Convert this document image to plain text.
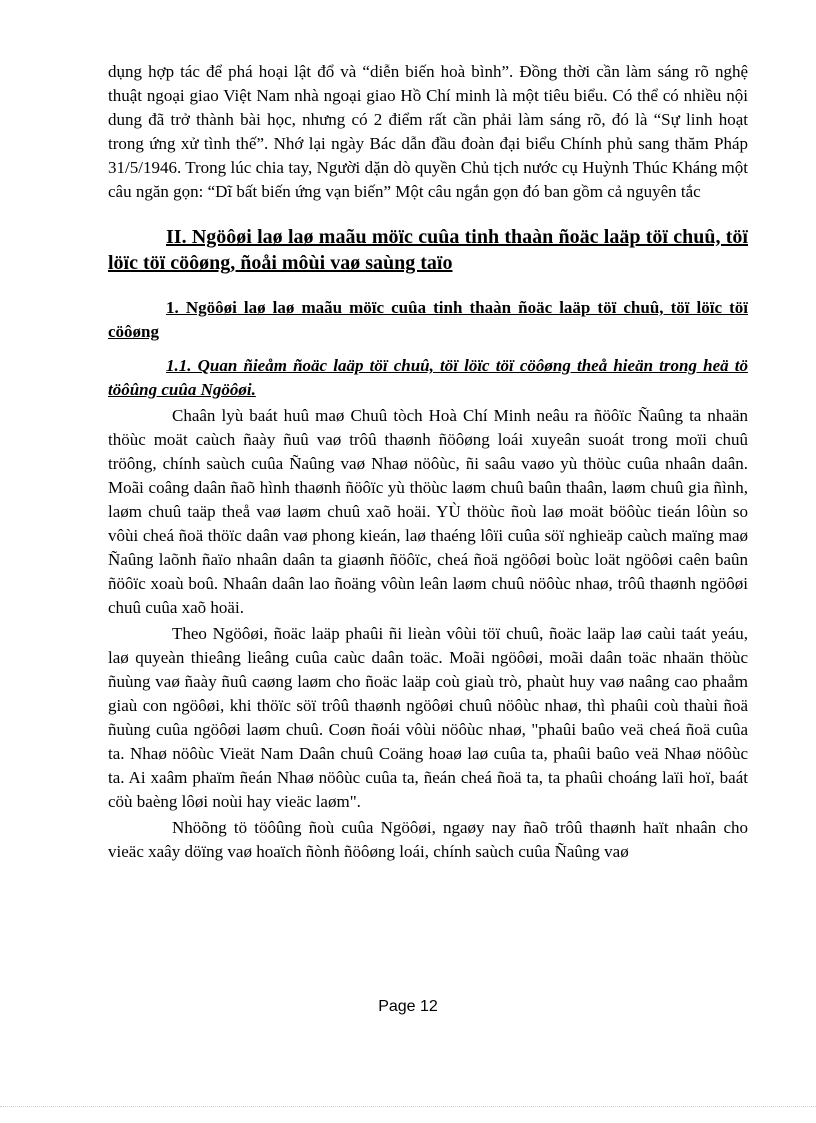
dụng hợp tác để phá hoại lật đổ và “diễn biến hoà bình”. Đồng thời cần làm sáng rõ nghệ thuật ngoại giao Việt Nam nhà ngoại giao Hồ Chí minh là một tiêu biểu. Có thể có nhiều nội dung đã trở thành bài học, nhưng có 2 điểm rất cần phải làm sáng rõ, đó là “Sự linh hoạt trong ứng xử tình thế”. Nhớ lại ngày Bác dẫn đầu đoàn đại biểu Chính phủ sang thăm Pháp 31/5/1946. Trong lúc chia tay, Người dặn dò quyền Chủ tịch nước cụ Huỳnh Thúc Kháng một câu ngăn gọn: “Dĩ bất biến ứng vạn biến” Một câu ngắn gọn đó ban gồm cả nguyên tắc

II. Ngöôøi laø laø maãu möïc cuûa tinh thaàn ñoäc laäp töï chuû, töï löïc töï cöôøng, ñoåi môùi vaø saùng taïo
1. Ngöôøi laø laø maãu möïc cuûa tinh thaàn ñoäc laäp töï chuû, töï löïc töï cöôøng
1.1. Quan ñieåm ñoäc laäp töï chuû, töï löïc töï cöôøng theå hieän trong heä tö töôûng cuûa Ngöôøi.

Chaân lyù baát huû maø Chuû tòch Hoà Chí Minh neâu ra ñöôïc Ñaûng ta nhaän thöùc moät caùch ñaày ñuû vaø trôû thaønh ñöôøng loái xuyeân suoát trong moïi chuû tröông, chính saùch cuûa Ñaûng vaø Nhaø nöôùc, ñi saâu vaøo yù thöùc cuûa nhaân daân. Moãi coâng daân ñaõ hình thaønh ñöôïc yù thöùc laøm chuû baûn thaân, laøm chuû gia ñình, laøm chuû taäp theå vaø laøm chuû xaõ hoäi. YÙ thöùc ñoù laø moät böôùc tieán lôùn so vôùi cheá ñoä thöïc daân vaø phong kieán, laø thaéng lôïi cuûa söï nghieäp caùch maïng maø Ñaûng laõnh ñaïo nhaân daân ta giaønh ñöôïc, cheá ñoä ngöôøi boùc loät ngöôøi caên baûn ñöôïc xoaù boû. Nhaân daân lao ñoäng vôùn leân laøm chuû nöôùc nhaø, trôû thaønh ngöôøi chuû cuûa xaõ hoäi.

Theo Ngöôøi, ñoäc laäp phaûi ñi lieàn vôùi töï chuû, ñoäc laäp laø caùi taát yeáu, laø quyeàn thieâng lieâng cuûa caùc daân toäc. Moãi ngöôøi, moãi daân toäc nhaän thöùc ñuùng vaø ñaày ñuû caøng laøm cho ñoäc laäp coù giaù trò, phaùt huy vaø naâng cao phaåm giaù con ngöôøi, khi thöïc söï trôû thaønh ngöôøi chuû nöôùc nhaø, thì phaûi coù thaùi ñoä ñuùng cuûa ngöôøi laøm chuû. Coøn ñoái vôùi nöôùc nhaø, "phaûi baûo veä cheá ñoä cuûa ta. Nhaø nöôùc Vieät Nam Daân chuû Coäng hoaø laø cuûa ta, phaûi baûo veä Nhaø nöôùc ta. Ai xaâm phaïm ñeán Nhaø nöôùc cuûa ta, ñeán cheá ñoä ta, ta phaûi choáng laïi hoï, baát cöù baèng lôøi noùi hay vieäc laøm".

Nhöõng tö töôûng ñoù cuûa Ngöôøi, ngaøy nay ñaõ trôû thaønh haït nhaân cho vieäc xaây döïng vaø hoaïch ñònh ñöôøng loái, chính saùch cuûa Ñaûng vaø

Page 12
